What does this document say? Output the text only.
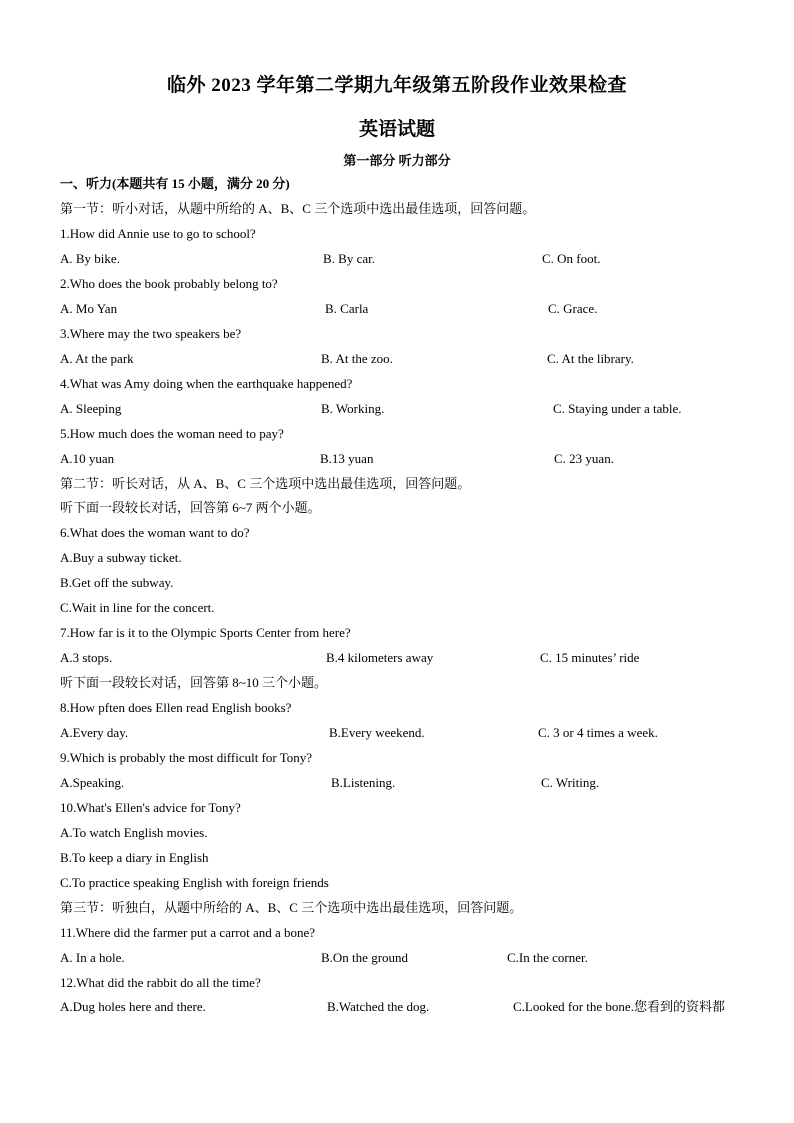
临外 2023 学年第二学期九年级第五阶段作业效果检查
英语试题
第一部分 听力部分
一、听力(本题共有 15 小题，满分 20 分)
第一节：听小对话，从题中所给的 A、B、C 三个选项中选出最佳选项，回答问题。
1.How did Annie use to go to school?
A. By bike.	B. By car.	C. On foot.
2.Who does the book probably belong to?
A. Mo Yan	B. Carla	C. Grace.
3.Where may the two speakers be?
A. At the park	B. At the zoo.	C. At the library.
4.What was Amy doing when the earthquake happened?
A. Sleeping	B. Working.	C. Staying under a table.
5.How much does the woman need to pay?
A.10 yuan	B.13 yuan	C. 23 yuan.
第二节：听长对话，从 A、B、C 三个选项中选出最佳选项，回答问题。
听下面一段较长对话，回答第 6~7 两个小题。
6.What does the woman want to do?
A.Buy a subway ticket.
B.Get off the subway.
C.Wait in line for the concert.
7.How far is it to the Olympic Sports Center from here?
A.3 stops.	B.4 kilometers away	C. 15 minutes’ ride
听下面一段较长对话，回答第 8~10 三个小题。
8.How pften does Ellen read English books?
A.Every day.	B.Every weekend.	C. 3 or 4 times a week.
9.Which is probably the most difficult for Tony?
A.Speaking.	B.Listening.	C. Writing.
10.What's Ellen's advice for Tony?
A.To watch English movies.
B.To keep a diary in English
C.To practice speaking English with foreign friends
第三节：听独白，从题中所给的 A、B、C 三个选项中选出最佳选项，回答问题。
11.Where did the farmer put a carrot and a bone?
A. In a hole.	B.On the ground	C.In the corner.
12.What did the rabbit do all the time?
A.Dug holes here and there.	B.Watched the dog.	C.Looked for the bone.您看到的资料都
